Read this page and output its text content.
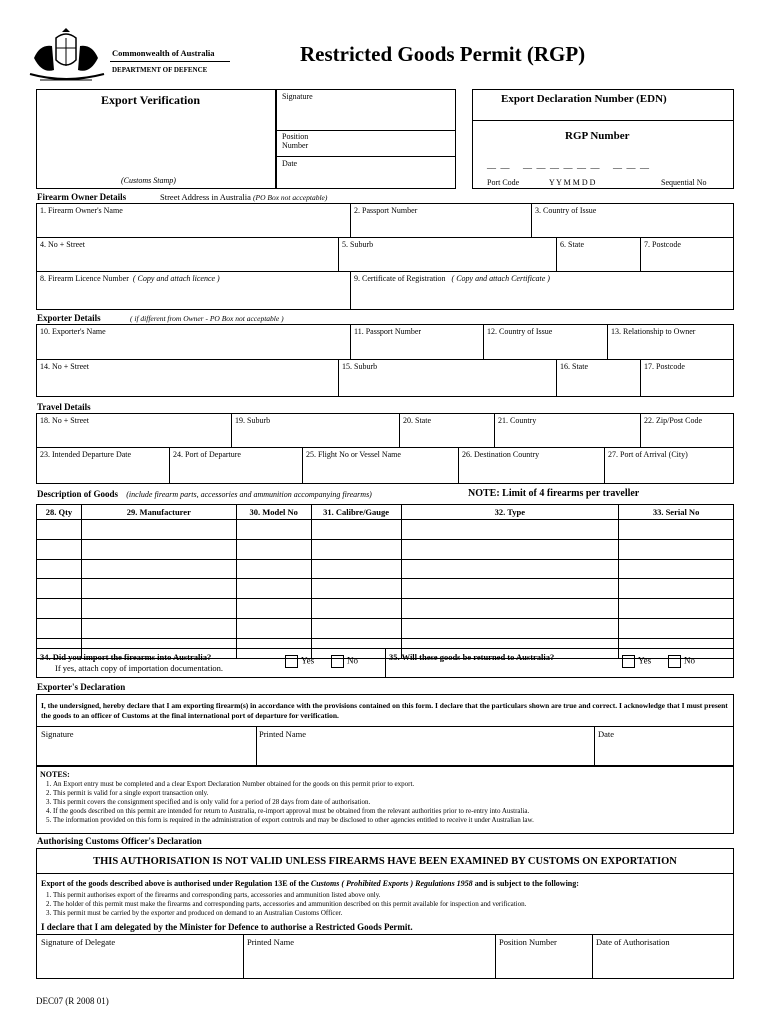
Commonwealth of Australia
DEPARTMENT OF DEFENCE
Restricted Goods Permit (RGP)
Export Verification
(Customs Stamp)
Signature
Position
Number
Date
Export Declaration Number (EDN)
RGP Number
__  __      __  __  __  __  __  __      __  __  __
Port Code	Y Y M M D D	Sequential No
Firearm Owner Details	Street Address in Australia (PO Box not acceptable)
1. Firearm Owner's Name	2. Passport Number	3. Country of Issue
4. No + Street	5. Suburb	6. State	7. Postcode
8. Firearm Licence Number ( Copy and attach licence )	9. Certificate of Registration ( Copy and attach Certificate )
Exporter Details	( if different from Owner - PO Box not acceptable )
10. Exporter's Name	11. Passport Number	12. Country of Issue	13. Relationship to Owner
14. No + Street	15. Suburb	16. State	17. Postcode
Travel Details
18. No + Street	19. Suburb	20. State	21. Country	22. Zip/Post Code
23. Intended Departure Date	24. Port of Departure	25. Flight No or Vessel Name	26. Destination Country	27. Port of Arrival (City)
Description of Goods (include firearm parts, accessories and ammunition accompanying firearms)	NOTE: Limit of 4 firearms per traveller
28. Qty	29. Manufacturer	30. Model No	31. Calibre/Gauge	32. Type	33. Serial No

34. Did you import the firearms into Australia?
If yes, attach copy of importation documentation.
Yes	No	35. Will these goods be returned to Australia?	Yes	No
Exporter's Declaration
I, the undersigned, hereby declare that I am exporting firearm(s) in accordance with the provisions contained on this form. I declare that the particulars shown are true and correct. I acknowledge that I must present the goods to an officer of Customs at the final international port of departure for verification.
Signature	Printed Name	Date
NOTES:
1. An Export entry must be completed and a clear Export Declaration Number obtained for the goods on this permit prior to export.
2. This permit is valid for a single export transaction only.
3. This permit covers the consignment specified and is only valid for a period of 28 days from date of authorisation.
4. If the goods described on this permit are intended for return to Australia, re-import approval must be obtained from the relevant authorities prior to re-entry into Australia.
5. The information provided on this form is required in the administration of export controls and may be disclosed to other agencies entitled to receive it under Australian law.
Authorising Customs Officer's Declaration
THIS AUTHORISATION IS NOT VALID UNLESS FIREARMS HAVE BEEN EXAMINED BY CUSTOMS ON EXPORTATION
Export of the goods described above is authorised under Regulation 13E of the Customs ( Prohibited Exports ) Regulations 1958 and is subject to the following:
1. This permit authorises export of the firearms and corresponding parts, accessories and ammunition listed above only.
2. The holder of this permit must make the firearms and corresponding parts, accessories and ammunition described on this permit available for inspection and verification.
3. This permit must be carried by the exporter and produced on demand to an Australian Customs Officer.
I declare that I am delegated by the Minister for Defence to authorise a Restricted Goods Permit.
Signature of Delegate	Printed Name	Position Number	Date of Authorisation
DEC07 (R 2008 01)
